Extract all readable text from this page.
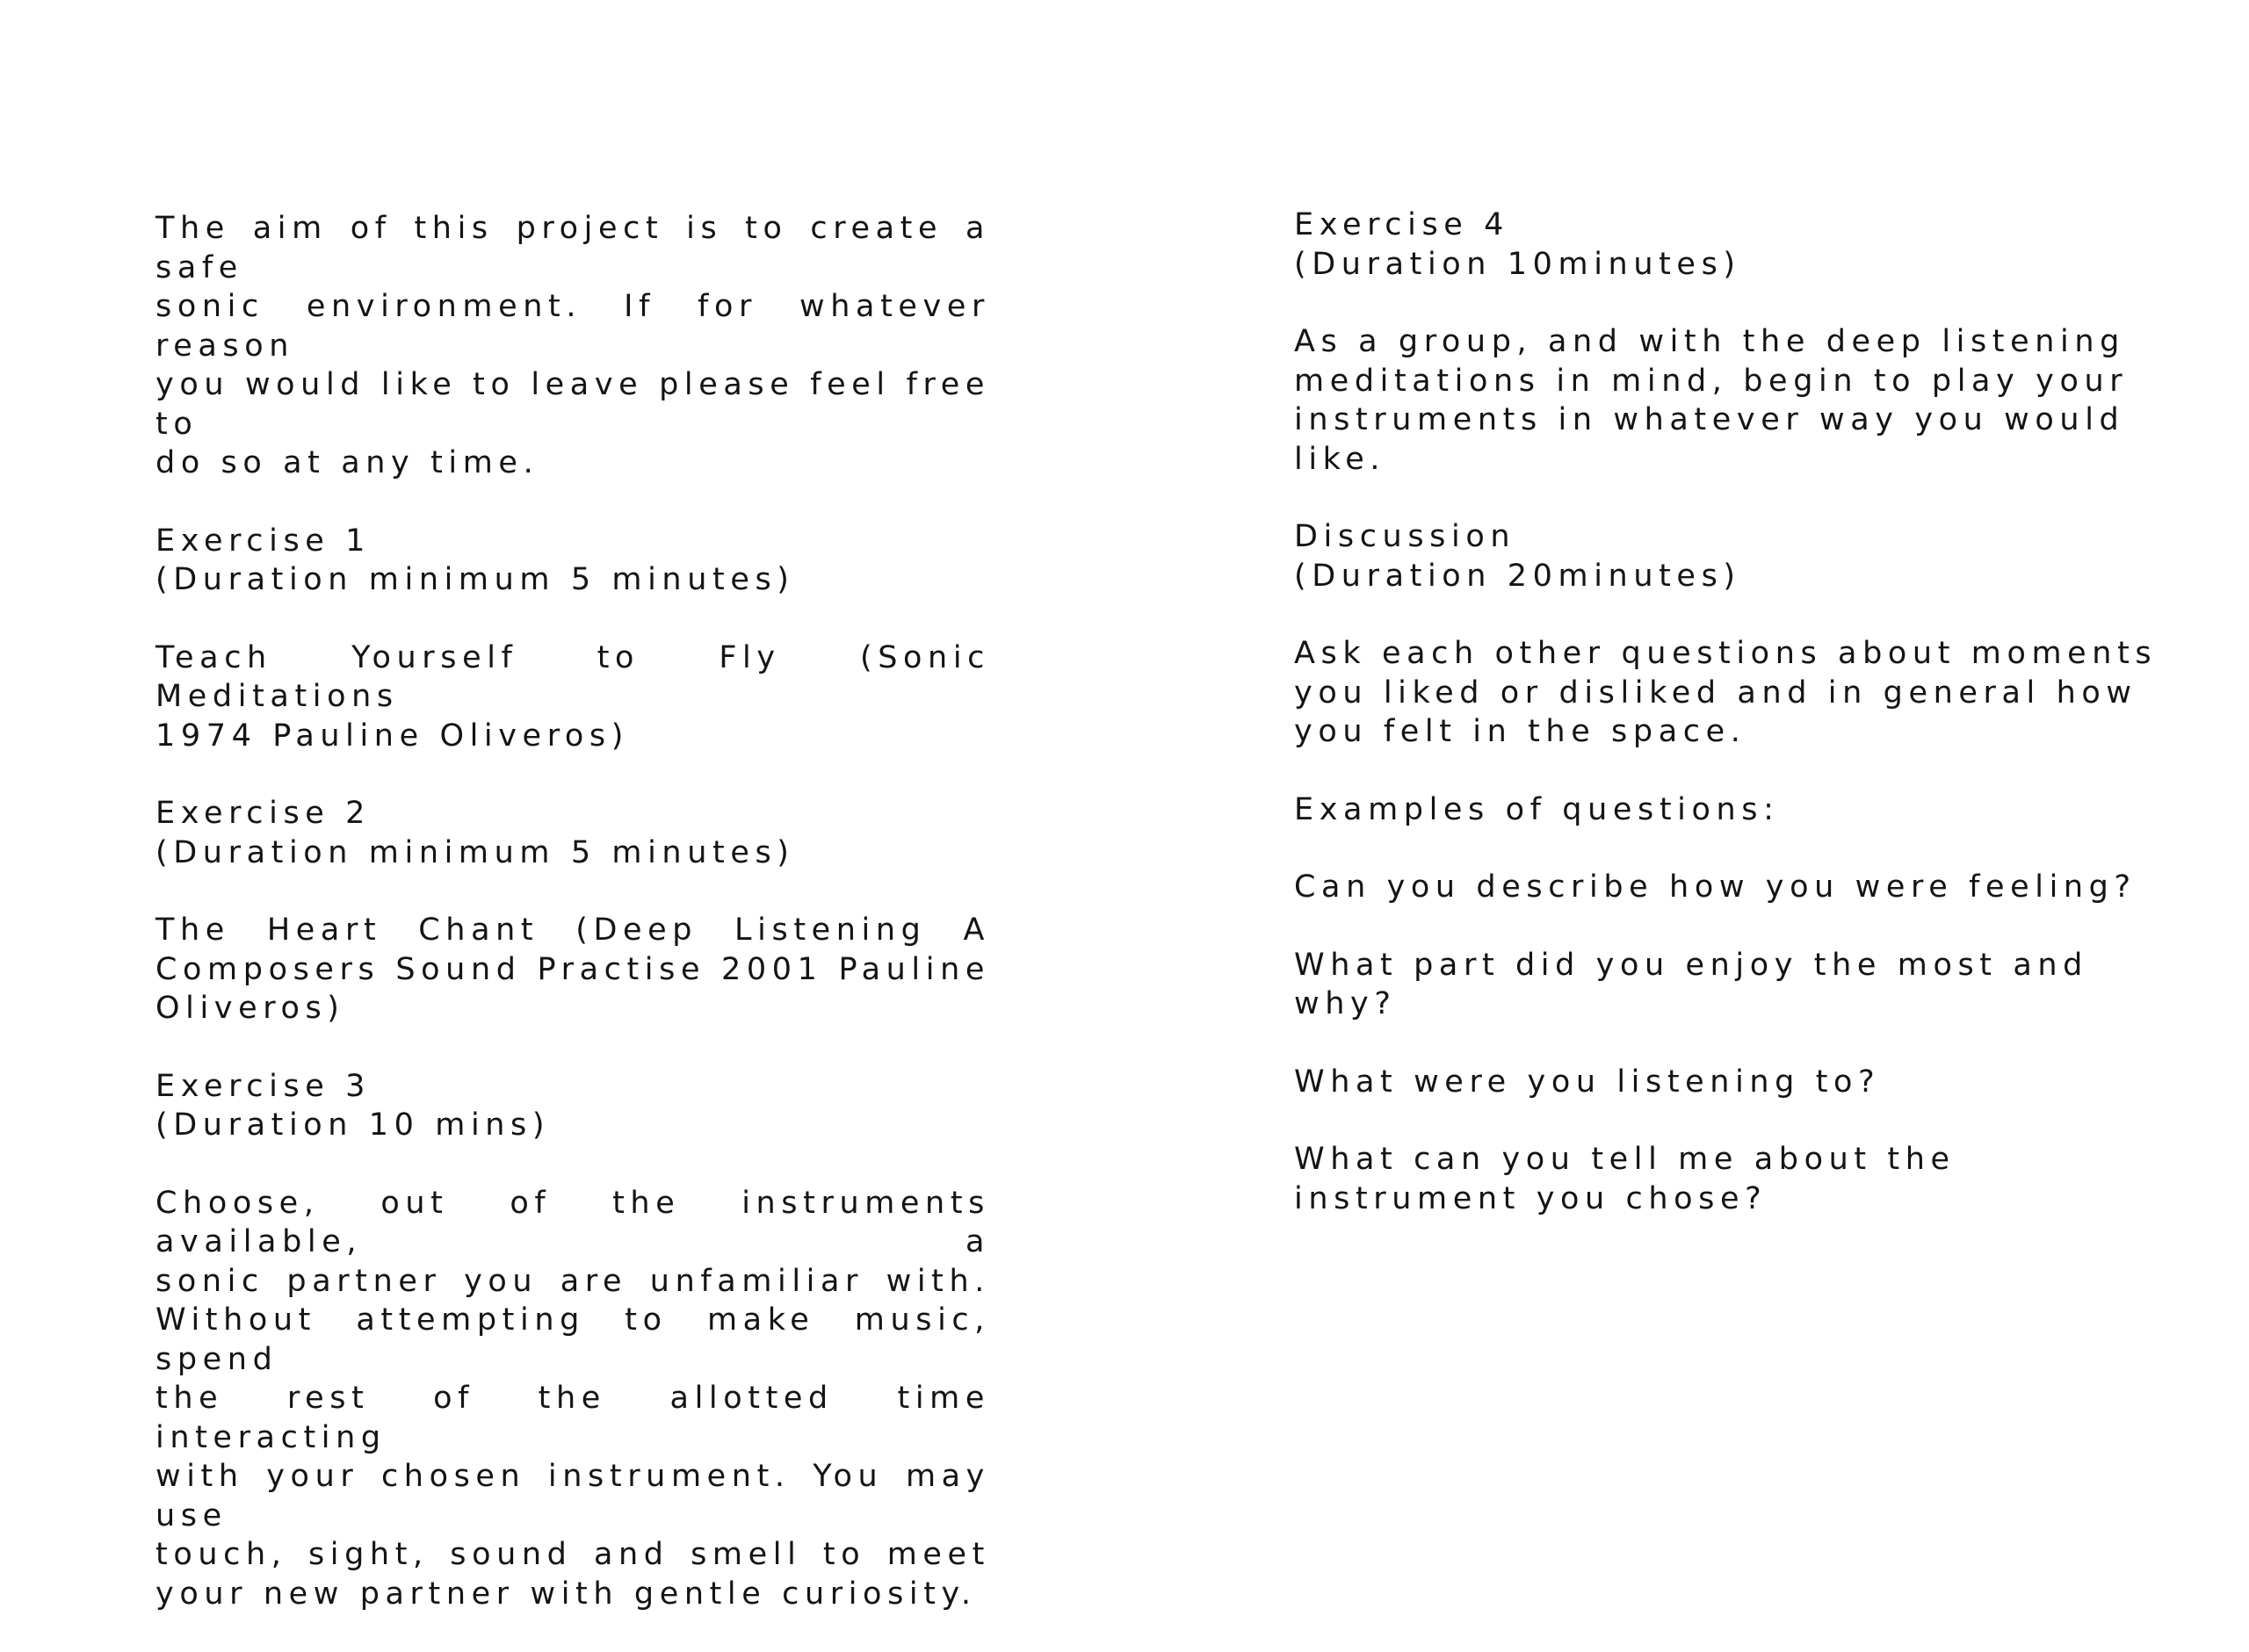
The aim of this project is to create a safe
sonic environment. If for whatever reason
you would like to leave please feel free to
do so at any time.

Exercise 1
(Duration minimum 5 minutes)

Teach Yourself to Fly (Sonic Meditations
1974 Pauline Oliveros)

Exercise 2
(Duration minimum 5 minutes)

The Heart Chant (Deep Listening A
Composers Sound Practise 2001 Pauline
Oliveros)

Exercise 3
(Duration 10 mins)

Choose, out of the instruments available, a
sonic partner you are unfamiliar with.
Without attempting to make music, spend
the rest of the allotted time interacting
with your chosen instrument. You may use
touch, sight, sound and smell to meet
your new partner with gentle curiosity.

Exercise 4
(Duration 10minutes)

As a group, and with the deep listening
meditations in mind, begin to play your
instruments in whatever way you would
like.

Discussion
(Duration 20minutes)

Ask each other questions about moments
you liked or disliked and in general how
you felt in the space.

Examples of questions:

Can you describe how you were feeling?

What part did you enjoy the most and
why?

What were you listening to?

What can you tell me about the
instrument you chose?
